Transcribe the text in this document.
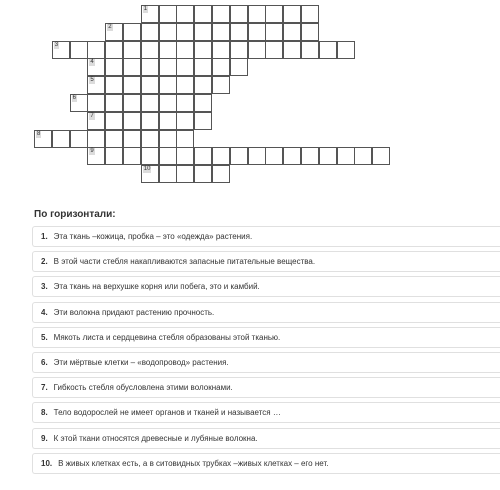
1
2
3
4
5
6
7
8
9
10
По горизонтали:
1. Эта ткань –кожица, пробка – это «одежда» растения.
2. В этой части стебля накапливаются запасные питательные вещества.
3. Эта ткань на верхушке корня или побега, это и камбий.
4. Эти волокна придают растению прочность.
5. Мякоть листа и сердцевина стебля образованы этой тканью.
6. Эти мёртвые клетки – «водопровод» растения.
7. Гибкость стебля обусловлена этими волокнами.
8. Тело водорослей не имеет органов и тканей и называется …
9. К этой ткани относятся древесные и лубяные волокна.
10. В живых клетках есть, а в ситовидных трубках –живых клетках – его нет.
